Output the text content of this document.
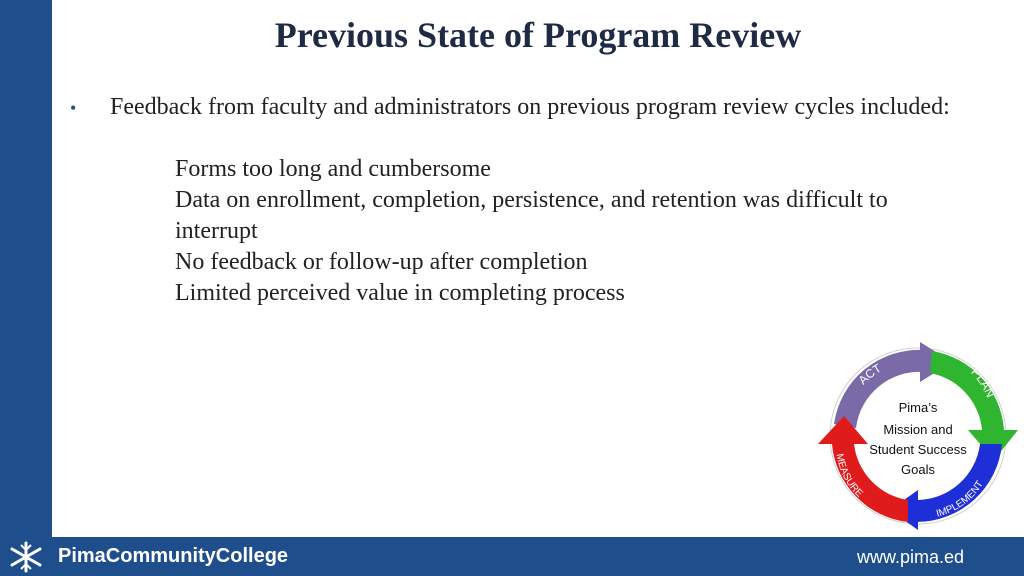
Previous State of Program Review
• Feedback from faculty and administrators on previous program review cycles included:
Forms too long and cumbersome
Data on enrollment, completion, persistence, and retention was difficult to interrupt
No feedback or follow-up after completion
Limited perceived value in completing process
ACT	PLAN
IMPLEMENT
MEASURE
Pima’s
Mission and
Student Success
Goals
PimaCommunityCollege	www.pima.ed
